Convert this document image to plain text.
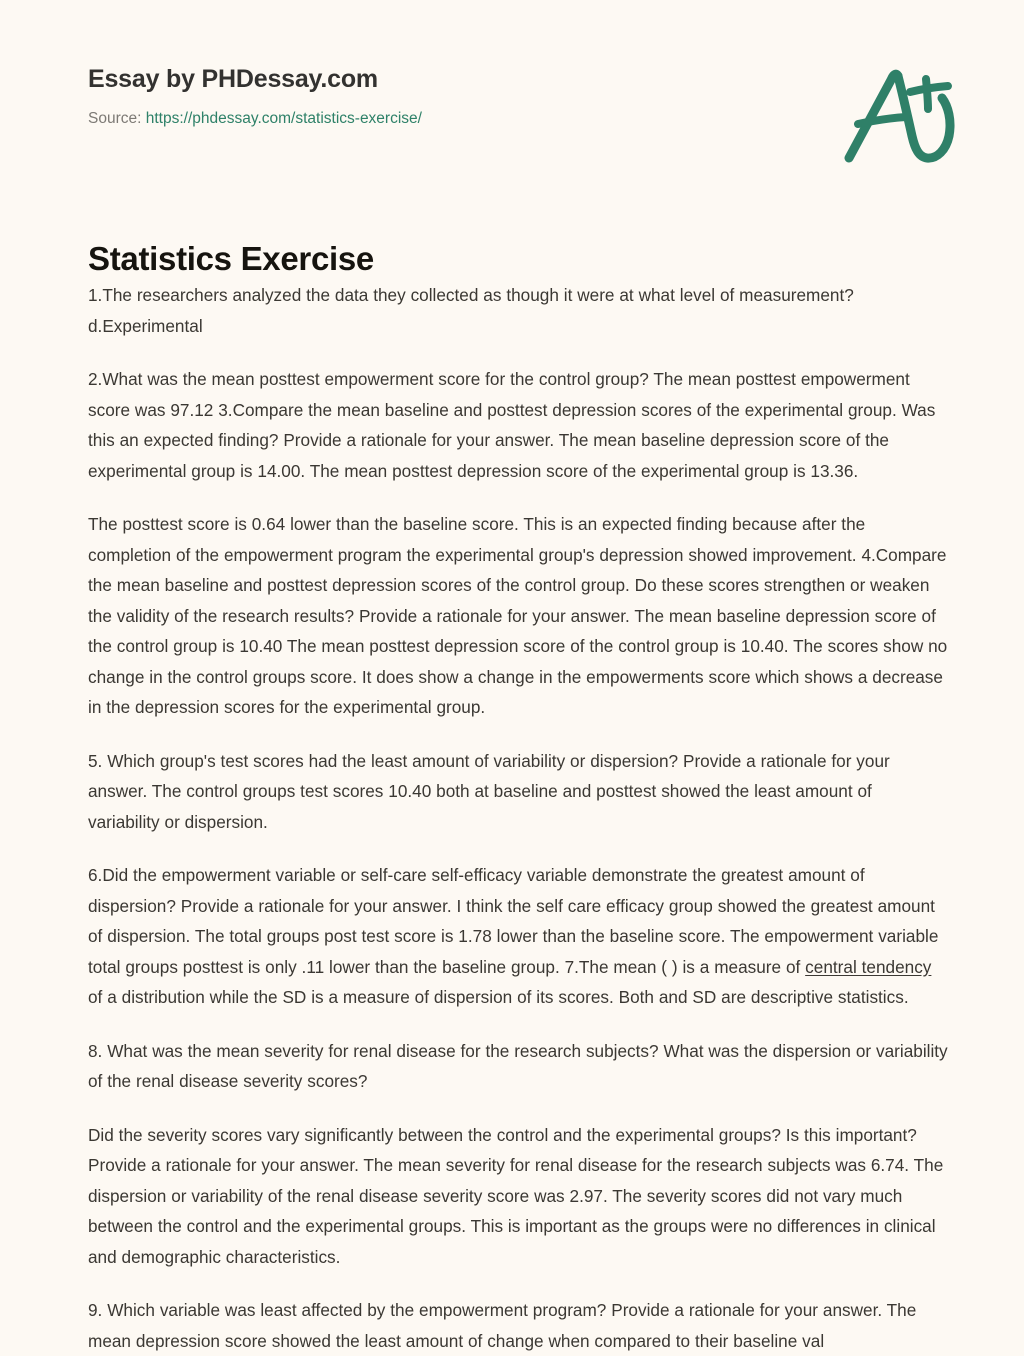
Essay by PHDessay.com
Source: https://phdessay.com/statistics-exercise/
Statistics Exercise

1.The researchers analyzed the data they collected as though it were at what level of measurement? d.Experimental

2.What was the mean posttest empowerment score for the control group? The mean posttest empowerment score was 97.12 3.Compare the mean baseline and posttest depression scores of the experimental group. Was this an expected finding? Provide a rationale for your answer. The mean baseline depression score of the experimental group is 14.00. The mean posttest depression score of the experimental group is 13.36.

The posttest score is 0.64 lower than the baseline score. This is an expected finding because after the completion of the empowerment program the experimental group's depression showed improvement. 4.Compare the mean baseline and posttest depression scores of the control group. Do these scores strengthen or weaken the validity of the research results? Provide a rationale for your answer. The mean baseline depression score of the control group is 10.40 The mean posttest depression score of the control group is 10.40. The scores show no change in the control groups score. It does show a change in the empowerments score which shows a decrease in the depression scores for the experimental group.

5. Which group's test scores had the least amount of variability or dispersion? Provide a rationale for your answer. The control groups test scores 10.40 both at baseline and posttest showed the least amount of variability or dispersion.

6.Did the empowerment variable or self-care self-efficacy variable demonstrate the greatest amount of dispersion? Provide a rationale for your answer. I think the self care efficacy group showed the greatest amount of dispersion. The total groups post test score is 1.78 lower than the baseline score. The empowerment variable total groups posttest is only .11 lower than the baseline group. 7.The mean ( ) is a measure of central tendency of a distribution while the SD is a measure of dispersion of its scores. Both and SD are descriptive statistics.

8. What was the mean severity for renal disease for the research subjects? What was the dispersion or variability of the renal disease severity scores?

Did the severity scores vary significantly between the control and the experimental groups? Is this important? Provide a rationale for your answer. The mean severity for renal disease for the research subjects was 6.74. The dispersion or variability of the renal disease severity score was 2.97. The severity scores did not vary much between the control and the experimental groups. This is important as the groups were no differences in clinical and demographic characteristics.

9. Which variable was least affected by the empowerment program? Provide a rationale for your answer. The mean depression score showed the least amount of change when compared to their baseline val
